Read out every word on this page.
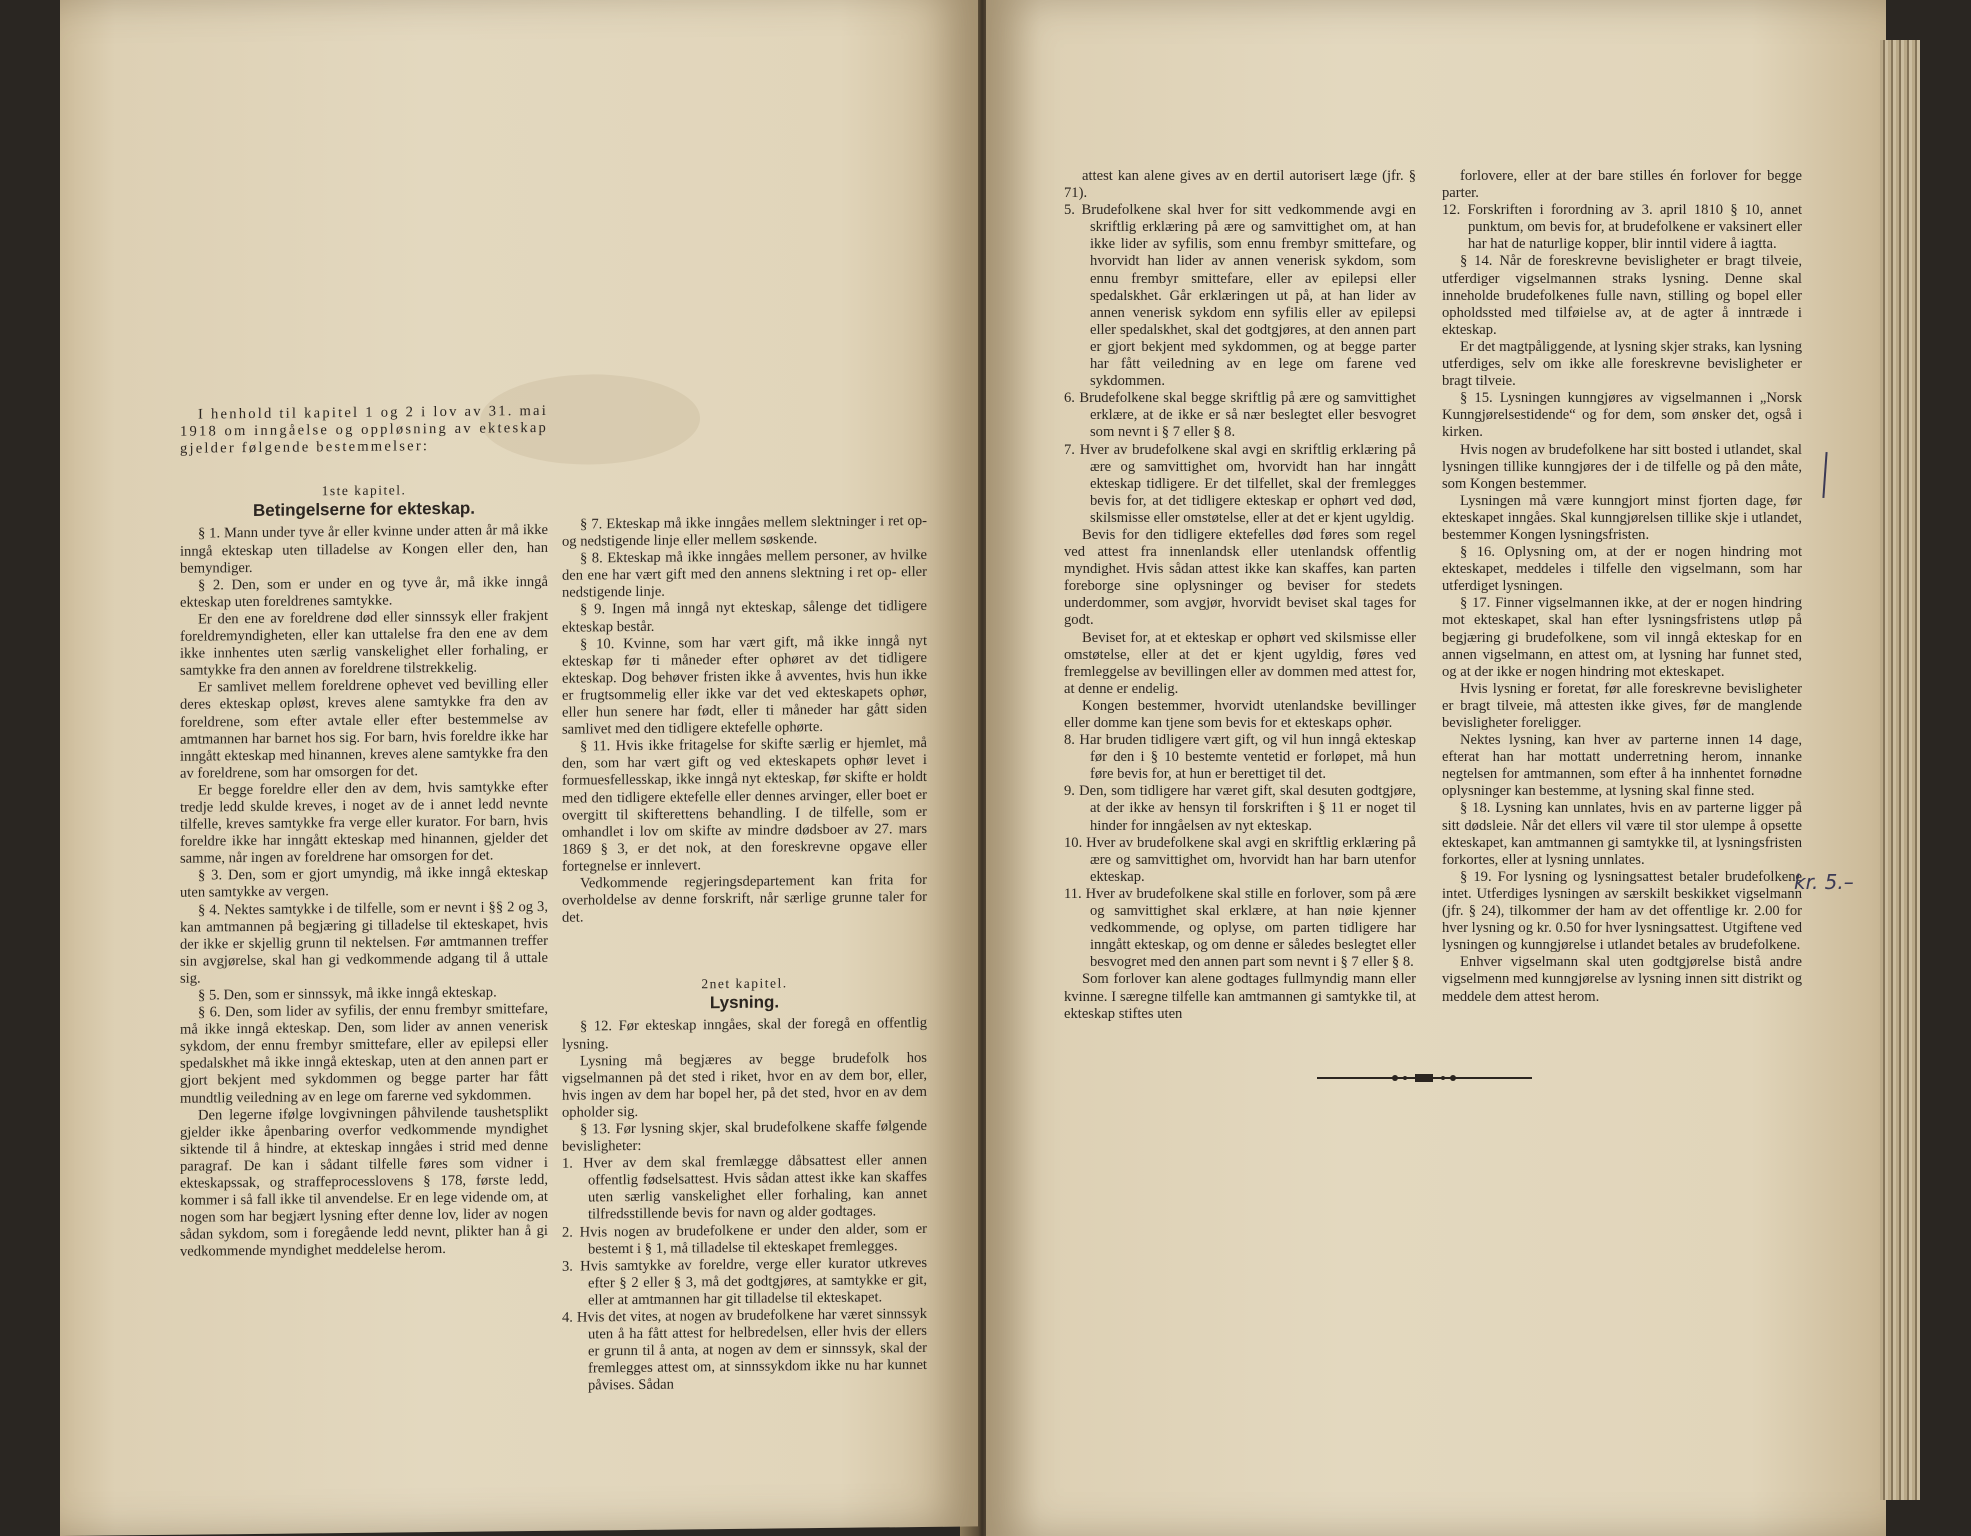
I henhold til kapitel 1 og 2 i lov av 31. mai 1918 om inngåelse og oppløsning av ekteskap gjelder følgende bestemmelser:

1ste kapitel.
Betingelserne for ekteskap.

§ 1. Mann under tyve år eller kvinne under atten år må ikke inngå ekteskap uten tilladelse av Kongen eller den, han bemyndiger.

§ 2. Den, som er under en og tyve år, må ikke inngå ekteskap uten foreldrenes samtykke.

Er den ene av foreldrene død eller sinnssyk eller frakjent foreldremyndigheten, eller kan uttalelse fra den ene av dem ikke innhentes uten særlig vanskelighet eller forhaling, er samtykke fra den annen av foreldrene tilstrekkelig.

Er samlivet mellem foreldrene ophevet ved bevilling eller deres ekteskap opløst, kreves alene samtykke fra den av foreldrene, som efter avtale eller efter bestemmelse av amtmannen har barnet hos sig. For barn, hvis foreldre ikke har inngått ekteskap med hinannen, kreves alene samtykke fra den av foreldrene, som har omsorgen for det.

Er begge foreldre eller den av dem, hvis samtykke efter tredje ledd skulde kreves, i noget av de i annet ledd nevnte tilfelle, kreves samtykke fra verge eller kurator. For barn, hvis foreldre ikke har inngått ekteskap med hinannen, gjelder det samme, når ingen av foreldrene har omsorgen for det.

§ 3. Den, som er gjort umyndig, må ikke inngå ekteskap uten samtykke av vergen.

§ 4. Nektes samtykke i de tilfelle, som er nevnt i §§ 2 og 3, kan amtmannen på begjæring gi tilladelse til ekteskapet, hvis der ikke er skjellig grunn til nektelsen. Før amtmannen treffer sin avgjørelse, skal han gi vedkommende adgang til å uttale sig.

§ 5. Den, som er sinnssyk, må ikke inngå ekteskap.

§ 6. Den, som lider av syfilis, der ennu frembyr smittefare, må ikke inngå ekteskap. Den, som lider av annen venerisk sykdom, der ennu frembyr smittefare, eller av epilepsi eller spedalskhet må ikke inngå ekteskap, uten at den annen part er gjort bekjent med sykdommen og begge parter har fått mundtlig veiledning av en lege om farerne ved sykdommen.

Den legerne ifølge lovgivningen påhvilende taushetsplikt gjelder ikke åpenbaring overfor vedkommende myndighet siktende til å hindre, at ekteskap inngåes i strid med denne paragraf. De kan i sådant tilfelle føres som vidner i ekteskapssak, og straffeprocesslovens § 178, første ledd, kommer i så fall ikke til anvendelse. Er en lege vidende om, at nogen som har begjært lysning efter denne lov, lider av nogen sådan sykdom, som i foregående ledd nevnt, plikter han å gi vedkommende myndighet meddelelse herom.

§ 7. Ekteskap må ikke inngåes mellem slektninger i ret op- og nedstigende linje eller mellem søskende.

§ 8. Ekteskap må ikke inngåes mellem personer, av hvilke den ene har vært gift med den annens slektning i ret op- eller nedstigende linje.

§ 9. Ingen må inngå nyt ekteskap, sålenge det tidligere ekteskap består.

§ 10. Kvinne, som har vært gift, må ikke inngå nyt ekteskap før ti måneder efter ophøret av det tidligere ekteskap. Dog behøver fristen ikke å avventes, hvis hun ikke er frugtsommelig eller ikke var det ved ekteskapets ophør, eller hun senere har født, eller ti måneder har gått siden samlivet med den tidligere ektefelle ophørte.

§ 11. Hvis ikke fritagelse for skifte særlig er hjemlet, må den, som har vært gift og ved ekteskapets ophør levet i formuesfellesskap, ikke inngå nyt ekteskap, før skifte er holdt med den tidligere ektefelle eller dennes arvinger, eller boet er overgitt til skifterettens behandling. I de tilfelle, som er omhandlet i lov om skifte av mindre dødsboer av 27. mars 1869 § 3, er det nok, at den foreskrevne opgave eller fortegnelse er innlevert.

Vedkommende regjeringsdepartement kan frita for overholdelse av denne forskrift, når særlige grunne taler for det.

2net kapitel.
Lysning.

§ 12. Før ekteskap inngåes, skal der foregå en offentlig lysning.

Lysning må begjæres av begge brudefolk hos vigselmannen på det sted i riket, hvor en av dem bor, eller, hvis ingen av dem har bopel her, på det sted, hvor en av dem opholder sig.

§ 13. Før lysning skjer, skal brudefolkene skaffe følgende bevisligheter:

1. Hver av dem skal fremlægge dåbsattest eller annen offentlig fødselsattest. Hvis sådan attest ikke kan skaffes uten særlig vanskelighet eller forhaling, kan annet tilfredsstillende bevis for navn og alder godtages.

2. Hvis nogen av brudefolkene er under den alder, som er bestemt i § 1, må tilladelse til ekteskapet fremlegges.

3. Hvis samtykke av foreldre, verge eller kurator utkreves efter § 2 eller § 3, må det godtgjøres, at samtykke er git, eller at amtmannen har git tilladelse til ekteskapet.

4. Hvis det vites, at nogen av brudefolkene har været sinnssyk uten å ha fått attest for helbredelsen, eller hvis der ellers er grunn til å anta, at nogen av dem er sinnssyk, skal der fremlegges attest om, at sinnssykdom ikke nu har kunnet påvises. Sådan

attest kan alene gives av en dertil autorisert læge (jfr. § 71).

5. Brudefolkene skal hver for sitt vedkommende avgi en skriftlig erklæring på ære og samvittighet om, at han ikke lider av syfilis, som ennu frembyr smittefare, og hvorvidt han lider av annen venerisk sykdom, som ennu frembyr smittefare, eller av epilepsi eller spedalskhet. Går erklæringen ut på, at han lider av annen venerisk sykdom enn syfilis eller av epilepsi eller spedalskhet, skal det godtgjøres, at den annen part er gjort bekjent med sykdommen, og at begge parter har fått veiledning av en lege om farene ved sykdommen.

6. Brudefolkene skal begge skriftlig på ære og samvittighet erklære, at de ikke er så nær beslegtet eller besvogret som nevnt i § 7 eller § 8.

7. Hver av brudefolkene skal avgi en skriftlig erklæring på ære og samvittighet om, hvorvidt han har inngått ekteskap tidligere. Er det tilfellet, skal der fremlegges bevis for, at det tidligere ekteskap er ophørt ved død, skilsmisse eller omstøtelse, eller at det er kjent ugyldig.

Bevis for den tidligere ektefelles død føres som regel ved attest fra innenlandsk eller utenlandsk offentlig myndighet. Hvis sådan attest ikke kan skaffes, kan parten foreborge sine oplysninger og beviser for stedets underdommer, som avgjør, hvorvidt beviset skal tages for godt.

Beviset for, at et ekteskap er ophørt ved skilsmisse eller omstøtelse, eller at det er kjent ugyldig, føres ved fremleggelse av bevillingen eller av dommen med attest for, at denne er endelig.

Kongen bestemmer, hvorvidt utenlandske bevillinger eller domme kan tjene som bevis for et ekteskaps ophør.

8. Har bruden tidligere vært gift, og vil hun inngå ekteskap før den i § 10 bestemte ventetid er forløpet, må hun føre bevis for, at hun er berettiget til det.

9. Den, som tidligere har været gift, skal desuten godtgjøre, at der ikke av hensyn til forskriften i § 11 er noget til hinder for inngåelsen av nyt ekteskap.

10. Hver av brudefolkene skal avgi en skriftlig erklæring på ære og samvittighet om, hvorvidt han har barn utenfor ekteskap.

11. Hver av brudefolkene skal stille en forlover, som på ære og samvittighet skal erklære, at han nøie kjenner vedkommende, og oplyse, om parten tidligere har inngått ekteskap, og om denne er således beslegtet eller besvogret med den annen part som nevnt i § 7 eller § 8.

Som forlover kan alene godtages fullmyndig mann eller kvinne. I særegne tilfelle kan amtmannen gi samtykke til, at ekteskap stiftes uten

forlovere, eller at der bare stilles én forlover for begge parter.

12. Forskriften i forordning av 3. april 1810 § 10, annet punktum, om bevis for, at brudefolkene er vaksinert eller har hat de naturlige kopper, blir inntil videre å iagtta.

§ 14. Når de foreskrevne bevisligheter er bragt tilveie, utferdiger vigselmannen straks lysning. Denne skal inneholde brudefolkenes fulle navn, stilling og bopel eller opholdssted med tilføielse av, at de agter å inntræde i ekteskap.

Er det magtpåliggende, at lysning skjer straks, kan lysning utferdiges, selv om ikke alle foreskrevne bevisligheter er bragt tilveie.

§ 15. Lysningen kunngjøres av vigselmannen i „Norsk Kunngjørelsestidende“ og for dem, som ønsker det, også i kirken.

Hvis nogen av brudefolkene har sitt bosted i utlandet, skal lysningen tillike kunngjøres der i de tilfelle og på den måte, som Kongen bestemmer.

Lysningen må være kunngjort minst fjorten dage, før ekteskapet inngåes. Skal kunngjørelsen tillike skje i utlandet, bestemmer Kongen lysningsfristen.

§ 16. Oplysning om, at der er nogen hindring mot ekteskapet, meddeles i tilfelle den vigselmann, som har utferdiget lysningen.

§ 17. Finner vigselmannen ikke, at der er nogen hindring mot ekteskapet, skal han efter lysningsfristens utløp på begjæring gi brudefolkene, som vil inngå ekteskap for en annen vigselmann, en attest om, at lysning har funnet sted, og at der ikke er nogen hindring mot ekteskapet.

Hvis lysning er foretat, før alle foreskrevne bevisligheter er bragt tilveie, må attesten ikke gives, før de manglende bevisligheter foreligger.

Nektes lysning, kan hver av parterne innen 14 dage, efterat han har mottatt underretning herom, innanke negtelsen for amtmannen, som efter å ha innhentet fornødne oplysninger kan bestemme, at lysning skal finne sted.

§ 18. Lysning kan unnlates, hvis en av parterne ligger på sitt dødsleie. Når det ellers vil være til stor ulempe å opsette ekteskapet, kan amtmannen gi samtykke til, at lysningsfristen forkortes, eller at lysning unnlates.

§ 19. For lysning og lysningsattest betaler brudefolkene intet. Utferdiges lysningen av særskilt beskikket vigselmann (jfr. § 24), tilkommer der ham av det offentlige kr. 2.00 for hver lysning og kr. 0.50 for hver lysningsattest. Utgiftene ved lysningen og kunngjørelse i utlandet betales av brudefolkene.

Enhver vigselmann skal uten godtgjørelse bistå andre vigselmenn med kunngjørelse av lysning innen sitt distrikt og meddele dem attest herom.

kr. 5.–
